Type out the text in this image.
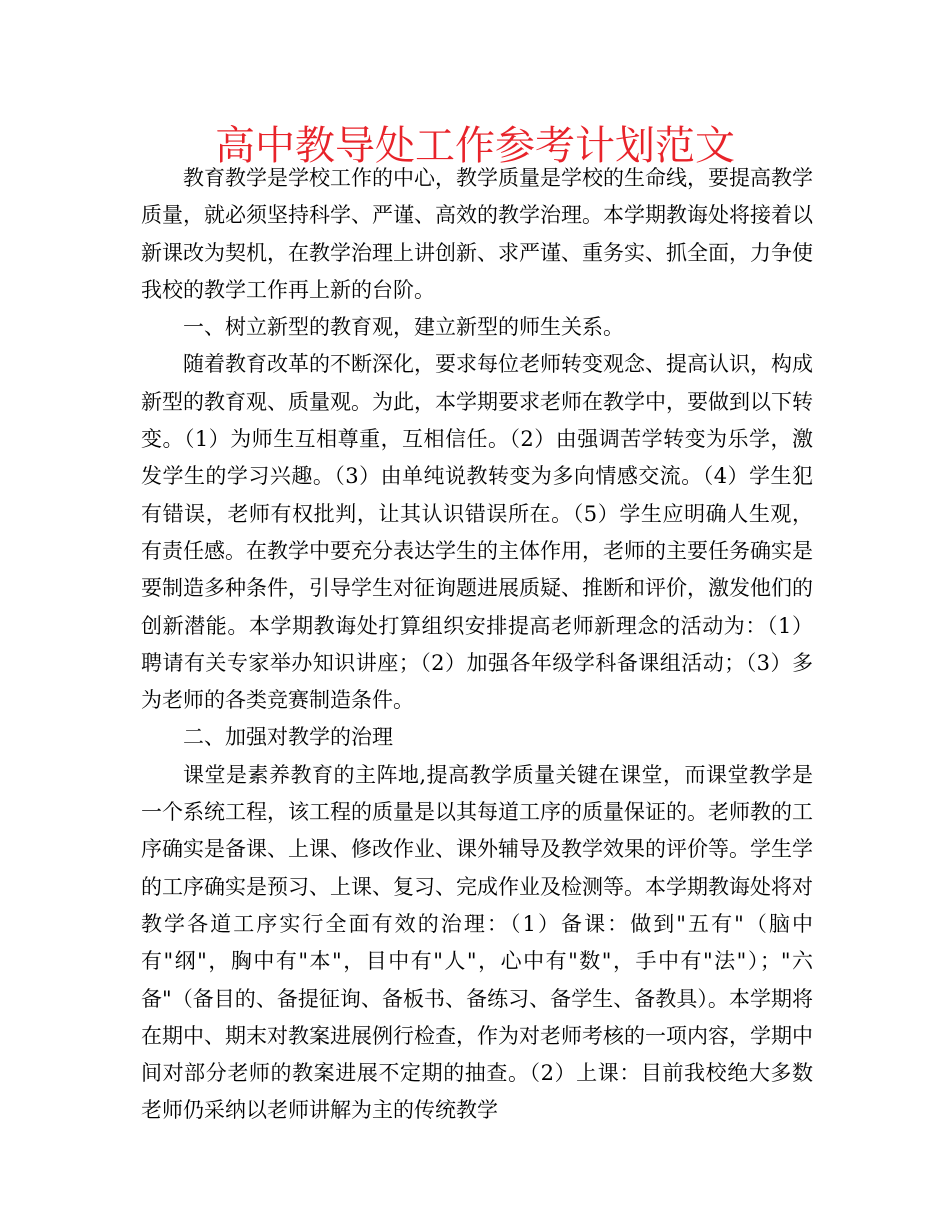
高中教导处工作参考计划范文

教育教学是学校工作的中心，教学质量是学校的生命线，要提高教学质量，就必须坚持科学、严谨、高效的教学治理。本学期教诲处将接着以新课改为契机，在教学治理上讲创新、求严谨、重务实、抓全面，力争使我校的教学工作再上新的台阶。

一、树立新型的教育观，建立新型的师生关系。

随着教育改革的不断深化，要求每位老师转变观念、提高认识，构成新型的教育观、质量观。为此，本学期要求老师在教学中，要做到以下转变。（1）为师生互相尊重，互相信任。（2）由强调苦学转变为乐学，激发学生的学习兴趣。（3）由单纯说教转变为多向情感交流。（4）学生犯有错误，老师有权批判，让其认识错误所在。（5）学生应明确人生观，有责任感。在教学中要充分表达学生的主体作用，老师的主要任务确实是要制造多种条件，引导学生对征询题进展质疑、推断和评价，激发他们的创新潜能。本学期教诲处打算组织安排提高老师新理念的活动为：（1）聘请有关专家举办知识讲座；（2）加强各年级学科备课组活动；（3）多为老师的各类竞赛制造条件。

二、加强对教学的治理

课堂是素养教育的主阵地,提高教学质量关键在课堂，而课堂教学是一个系统工程，该工程的质量是以其每道工序的质量保证的。老师教的工序确实是备课、上课、修改作业、课外辅导及教学效果的评价等。学生学的工序确实是预习、上课、复习、完成作业及检测等。本学期教诲处将对教学各道工序实行全面有效的治理：（1）备课：做到"五有"（脑中有"纲"，胸中有"本"，目中有"人"，心中有"数"，手中有"法"）；"六备"（备目的、备提征询、备板书、备练习、备学生、备教具）。本学期将在期中、期末对教案进展例行检查，作为对老师考核的一项内容，学期中间对部分老师的教案进展不定期的抽查。（2）上课：目前我校绝大多数老师仍采纳以老师讲解为主的传统教学
